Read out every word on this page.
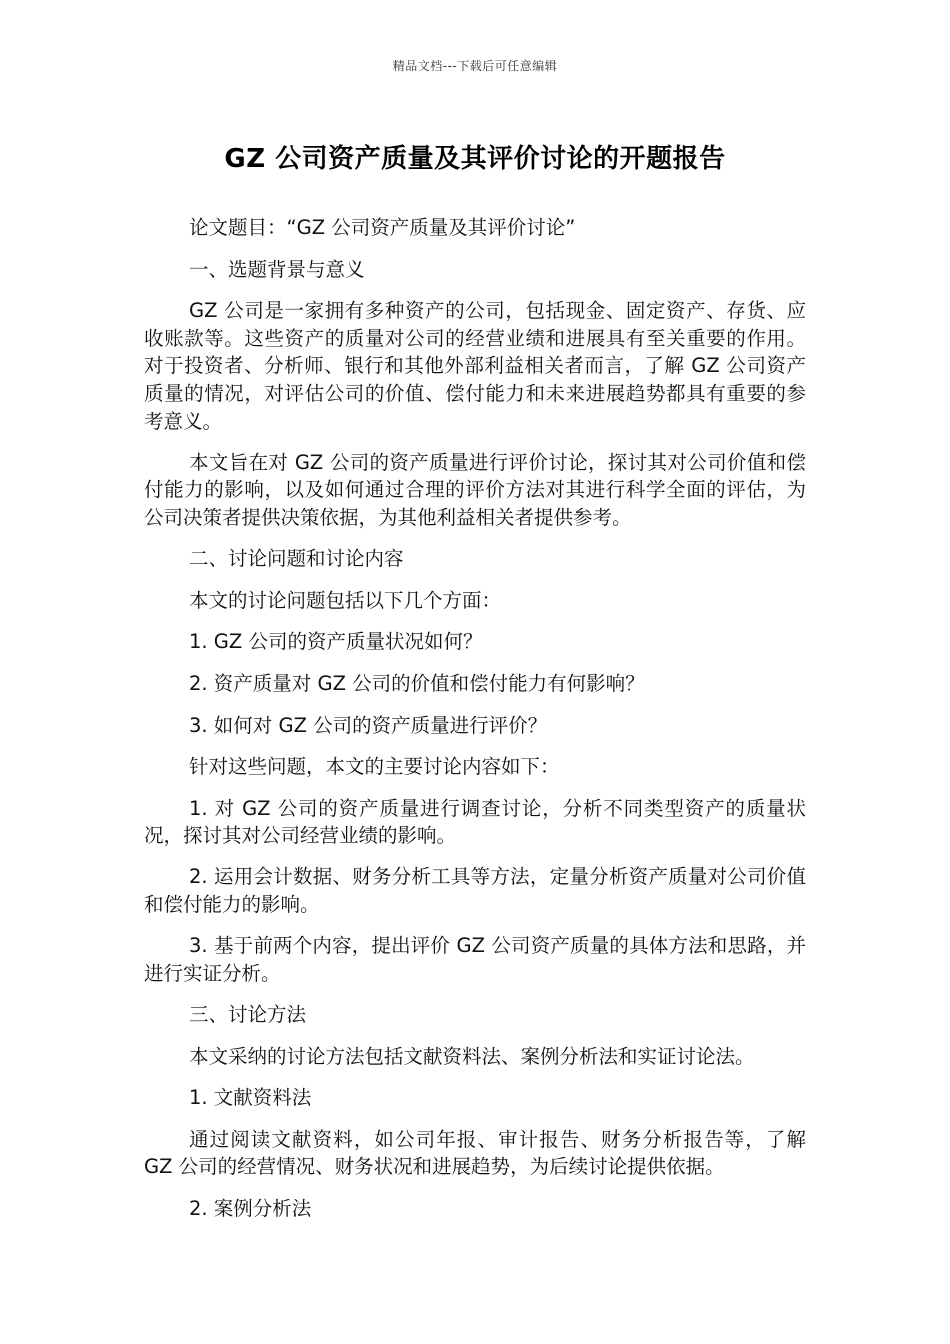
精品文档---下载后可任意编辑
GZ 公司资产质量及其评价讨论的开题报告

论文题目：“GZ 公司资产质量及其评价讨论”

一、选题背景与意义

GZ 公司是一家拥有多种资产的公司，包括现金、固定资产、存货、应收账款等。这些资产的质量对公司的经营业绩和进展具有至关重要的作用。对于投资者、分析师、银行和其他外部利益相关者而言，了解 GZ 公司资产质量的情况，对评估公司的价值、偿付能力和未来进展趋势都具有重要的参考意义。

本文旨在对 GZ 公司的资产质量进行评价讨论，探讨其对公司价值和偿付能力的影响，以及如何通过合理的评价方法对其进行科学全面的评估，为公司决策者提供决策依据，为其他利益相关者提供参考。

二、讨论问题和讨论内容

本文的讨论问题包括以下几个方面：

1. GZ 公司的资产质量状况如何？

2. 资产质量对 GZ 公司的价值和偿付能力有何影响？

3. 如何对 GZ 公司的资产质量进行评价？

针对这些问题，本文的主要讨论内容如下：

1. 对 GZ 公司的资产质量进行调查讨论，分析不同类型资产的质量状况，探讨其对公司经营业绩的影响。

2. 运用会计数据、财务分析工具等方法，定量分析资产质量对公司价值和偿付能力的影响。

3. 基于前两个内容，提出评价 GZ 公司资产质量的具体方法和思路，并进行实证分析。

三、讨论方法

本文采纳的讨论方法包括文献资料法、案例分析法和实证讨论法。

1. 文献资料法

通过阅读文献资料，如公司年报、审计报告、财务分析报告等，了解 GZ 公司的经营情况、财务状况和进展趋势，为后续讨论提供依据。

2. 案例分析法
